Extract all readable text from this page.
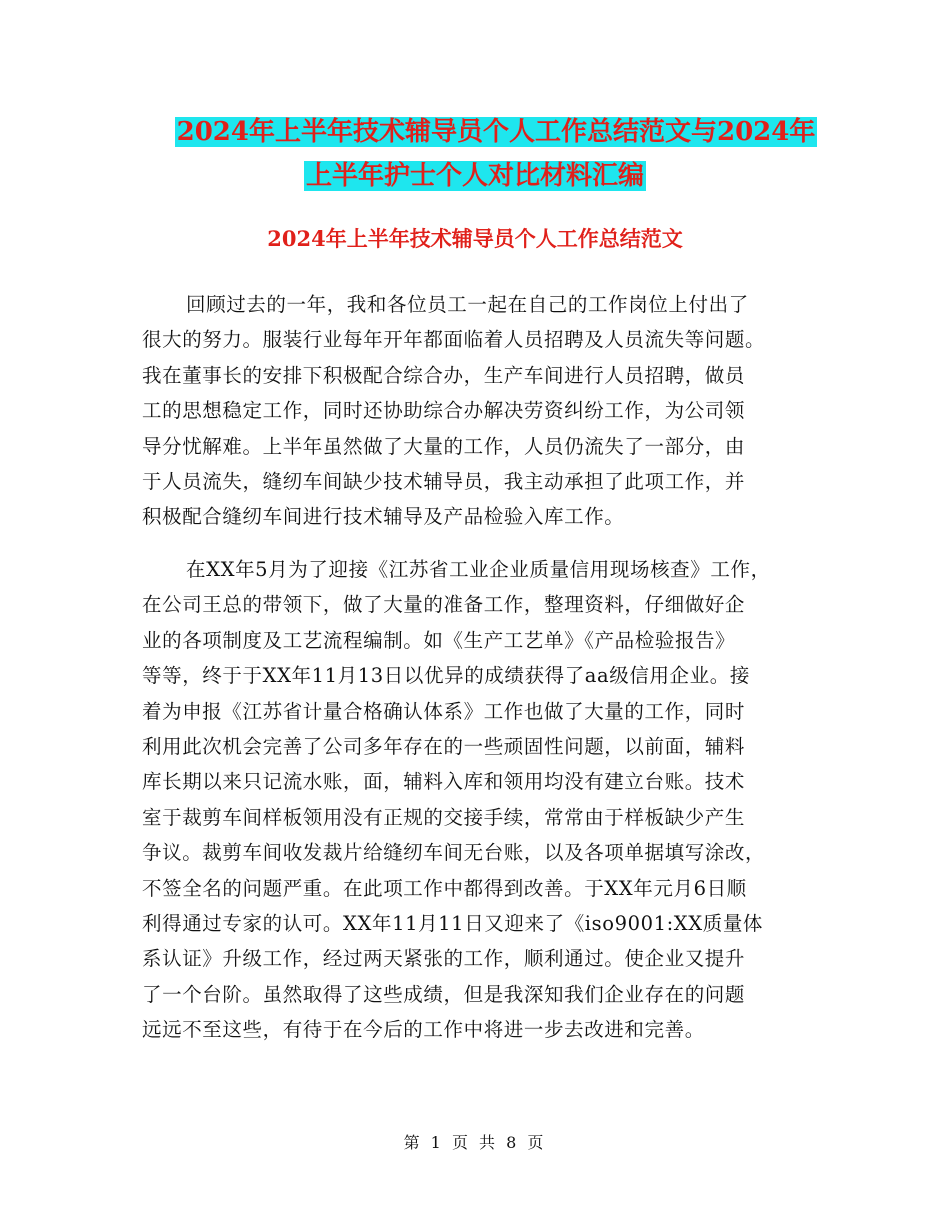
2024年上半年技术辅导员个人工作总结范文与2024年
上半年护士个人对比材料汇编
2024年上半年技术辅导员个人工作总结范文
回顾过去的一年，我和各位员工一起在自己的工作岗位上付出了
很大的努力。服装行业每年开年都面临着人员招聘及人员流失等问题。
我在董事长的安排下积极配合综合办，生产车间进行人员招聘，做员
工的思想稳定工作，同时还协助综合办解决劳资纠纷工作，为公司领
导分忧解难。上半年虽然做了大量的工作，人员仍流失了一部分，由
于人员流失，缝纫车间缺少技术辅导员，我主动承担了此项工作，并
积极配合缝纫车间进行技术辅导及产品检验入库工作。
在XX年5月为了迎接《江苏省工业企业质量信用现场核查》工作，
在公司王总的带领下，做了大量的准备工作，整理资料，仔细做好企
业的各项制度及工艺流程编制。如《生产工艺单》《产品检验报告》
等等，终于于XX年11月13日以优异的成绩获得了aa级信用企业。接
着为申报《江苏省计量合格确认体系》工作也做了大量的工作，同时
利用此次机会完善了公司多年存在的一些顽固性问题，以前面，辅料
库长期以来只记流水账，面，辅料入库和领用均没有建立台账。技术
室于裁剪车间样板领用没有正规的交接手续，常常由于样板缺少产生
争议。裁剪车间收发裁片给缝纫车间无台账，以及各项单据填写涂改，
不签全名的问题严重。在此项工作中都得到改善。于XX年元月6日顺
利得通过专家的认可。XX年11月11日又迎来了《iso9001:XX质量体
系认证》升级工作，经过两天紧张的工作，顺利通过。使企业又提升
了一个台阶。虽然取得了这些成绩，但是我深知我们企业存在的问题
远远不至这些，有待于在今后的工作中将进一步去改进和完善。
第 1 页 共 8 页
